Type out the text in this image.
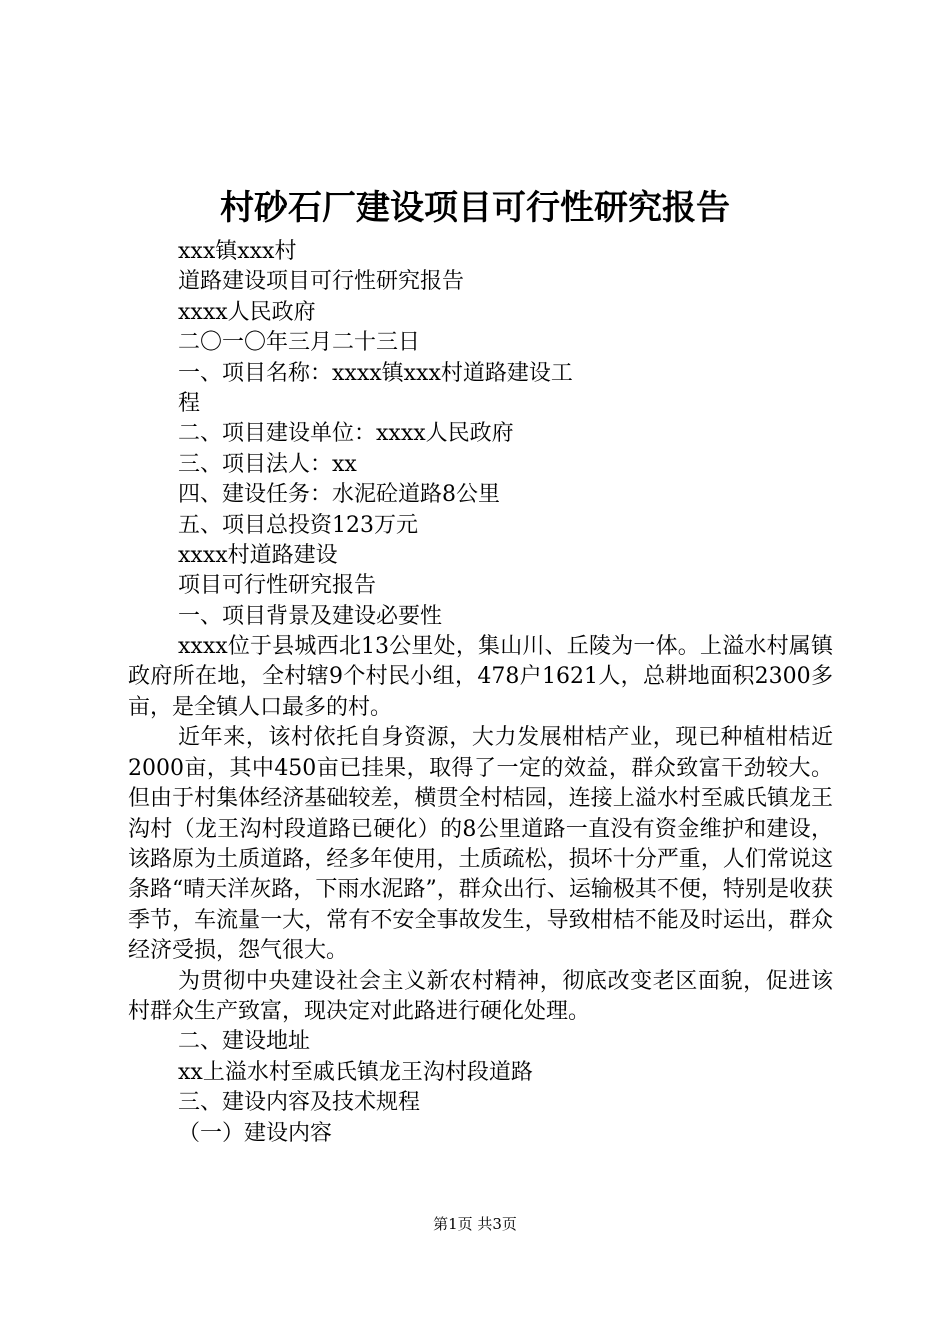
村砂石厂建设项目可行性研究报告
xxx镇xxx村
道路建设项目可行性研究报告
xxxx人民政府
二〇一〇年三月二十三日
一、项目名称：xxxx镇xxx村道路建设工
程
二、项目建设单位：xxxx人民政府
三、项目法人：xx
四、建设任务：水泥砼道路8公里
五、项目总投资123万元
xxxx村道路建设
项目可行性研究报告
一、项目背景及建设必要性

xxxx位于县城西北13公里处，集山川、丘陵为一体。上溢水村属镇政府所在地，全村辖9个村民小组，478户1621人，总耕地面积2300多亩，是全镇人口最多的村。

近年来，该村依托自身资源，大力发展柑桔产业，现已种植柑桔近2000亩，其中450亩已挂果，取得了一定的效益，群众致富干劲较大。但由于村集体经济基础较差，横贯全村桔园，连接上溢水村至戚氏镇龙王沟村（龙王沟村段道路已硬化）的8公里道路一直没有资金维护和建设，该路原为土质道路，经多年使用，土质疏松，损坏十分严重，人们常说这条路“晴天洋灰路，下雨水泥路”，群众出行、运输极其不便，特别是收获季节，车流量一大，常有不安全事故发生，导致柑桔不能及时运出，群众经济受损，怨气很大。

为贯彻中央建设社会主义新农村精神，彻底改变老区面貌，促进该村群众生产致富，现决定对此路进行硬化处理。

二、建设地址
xx上溢水村至戚氏镇龙王沟村段道路
三、建设内容及技术规程
（一）建设内容
第1页 共3页
